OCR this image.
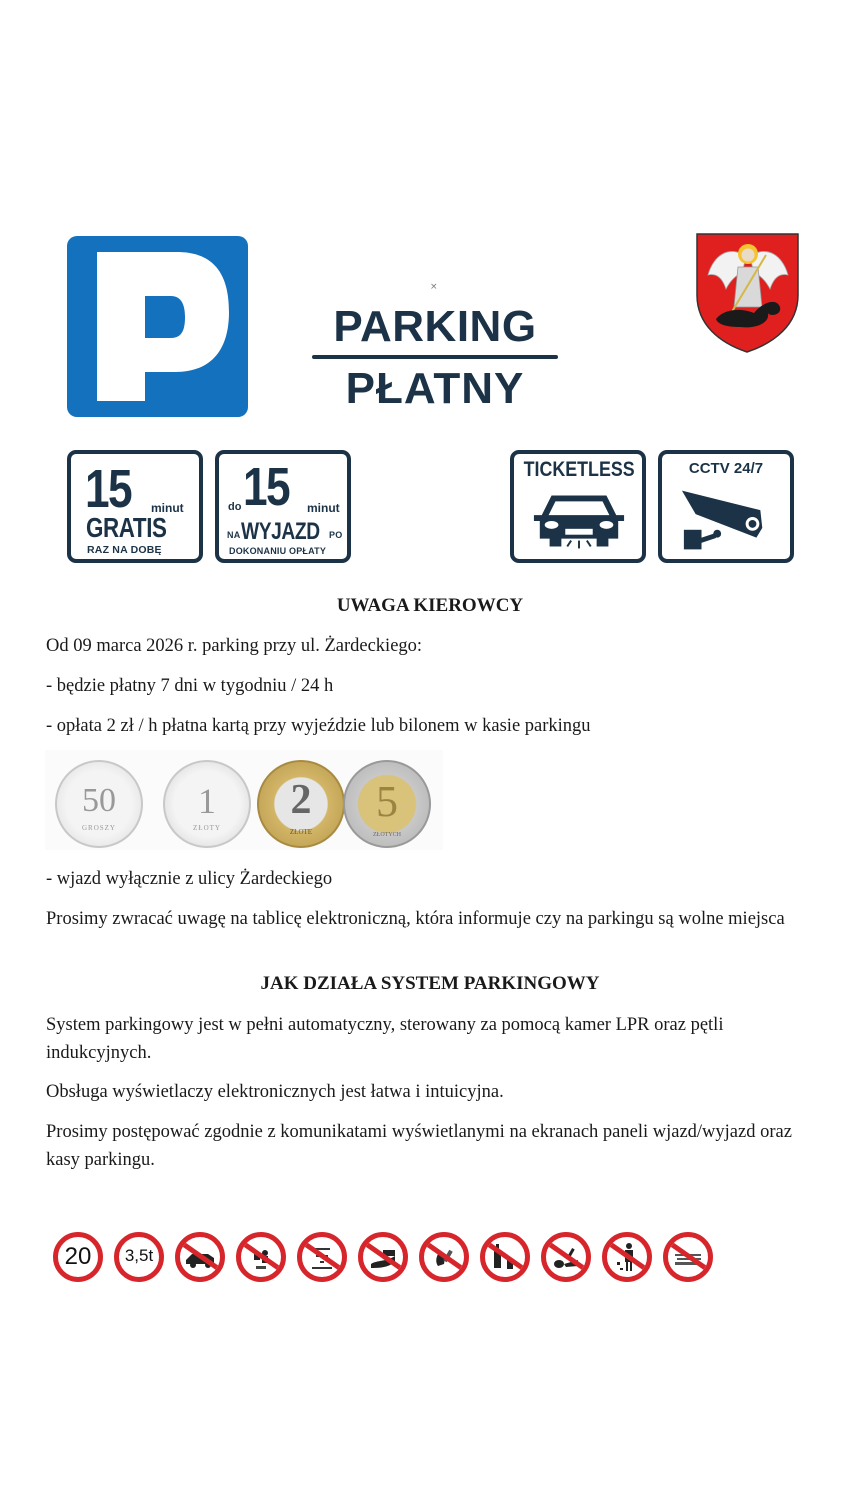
×
PARKING
PŁATNY
15 minut
GRATIS
RAZ NA DOBĘ
do 15 minut
NA WYJAZD PO
DOKONANIU OPŁATY
TICKETLESS	CCTV 24/7
UWAGA KIEROWCY
Od 09 marca 2026 r. parking przy ul. Żardeckiego:
- będzie płatny 7 dni w tygodniu / 24 h
- opłata 2 zł / h płatna kartą przy wyjeździe lub bilonem w kasie parkingu
50
GROSZY
1
ZŁOTY
2
ZŁOTE
5
ZŁOTYCH
- wjazd wyłącznie z ulicy Żardeckiego
Prosimy zwracać uwagę na tablicę elektroniczną, która informuje czy na parkingu są wolne miejsca
JAK DZIAŁA SYSTEM PARKINGOWY
System parkingowy jest w pełni automatyczny, sterowany za pomocą kamer LPR oraz pętli indukcyjnych.
Obsługa wyświetlaczy elektronicznych jest łatwa i intuicyjna.
Prosimy postępować zgodnie z komunikatami wyświetlanymi na ekranach paneli wjazd/wyjazd oraz kasy parkingu.
20	3,5t
